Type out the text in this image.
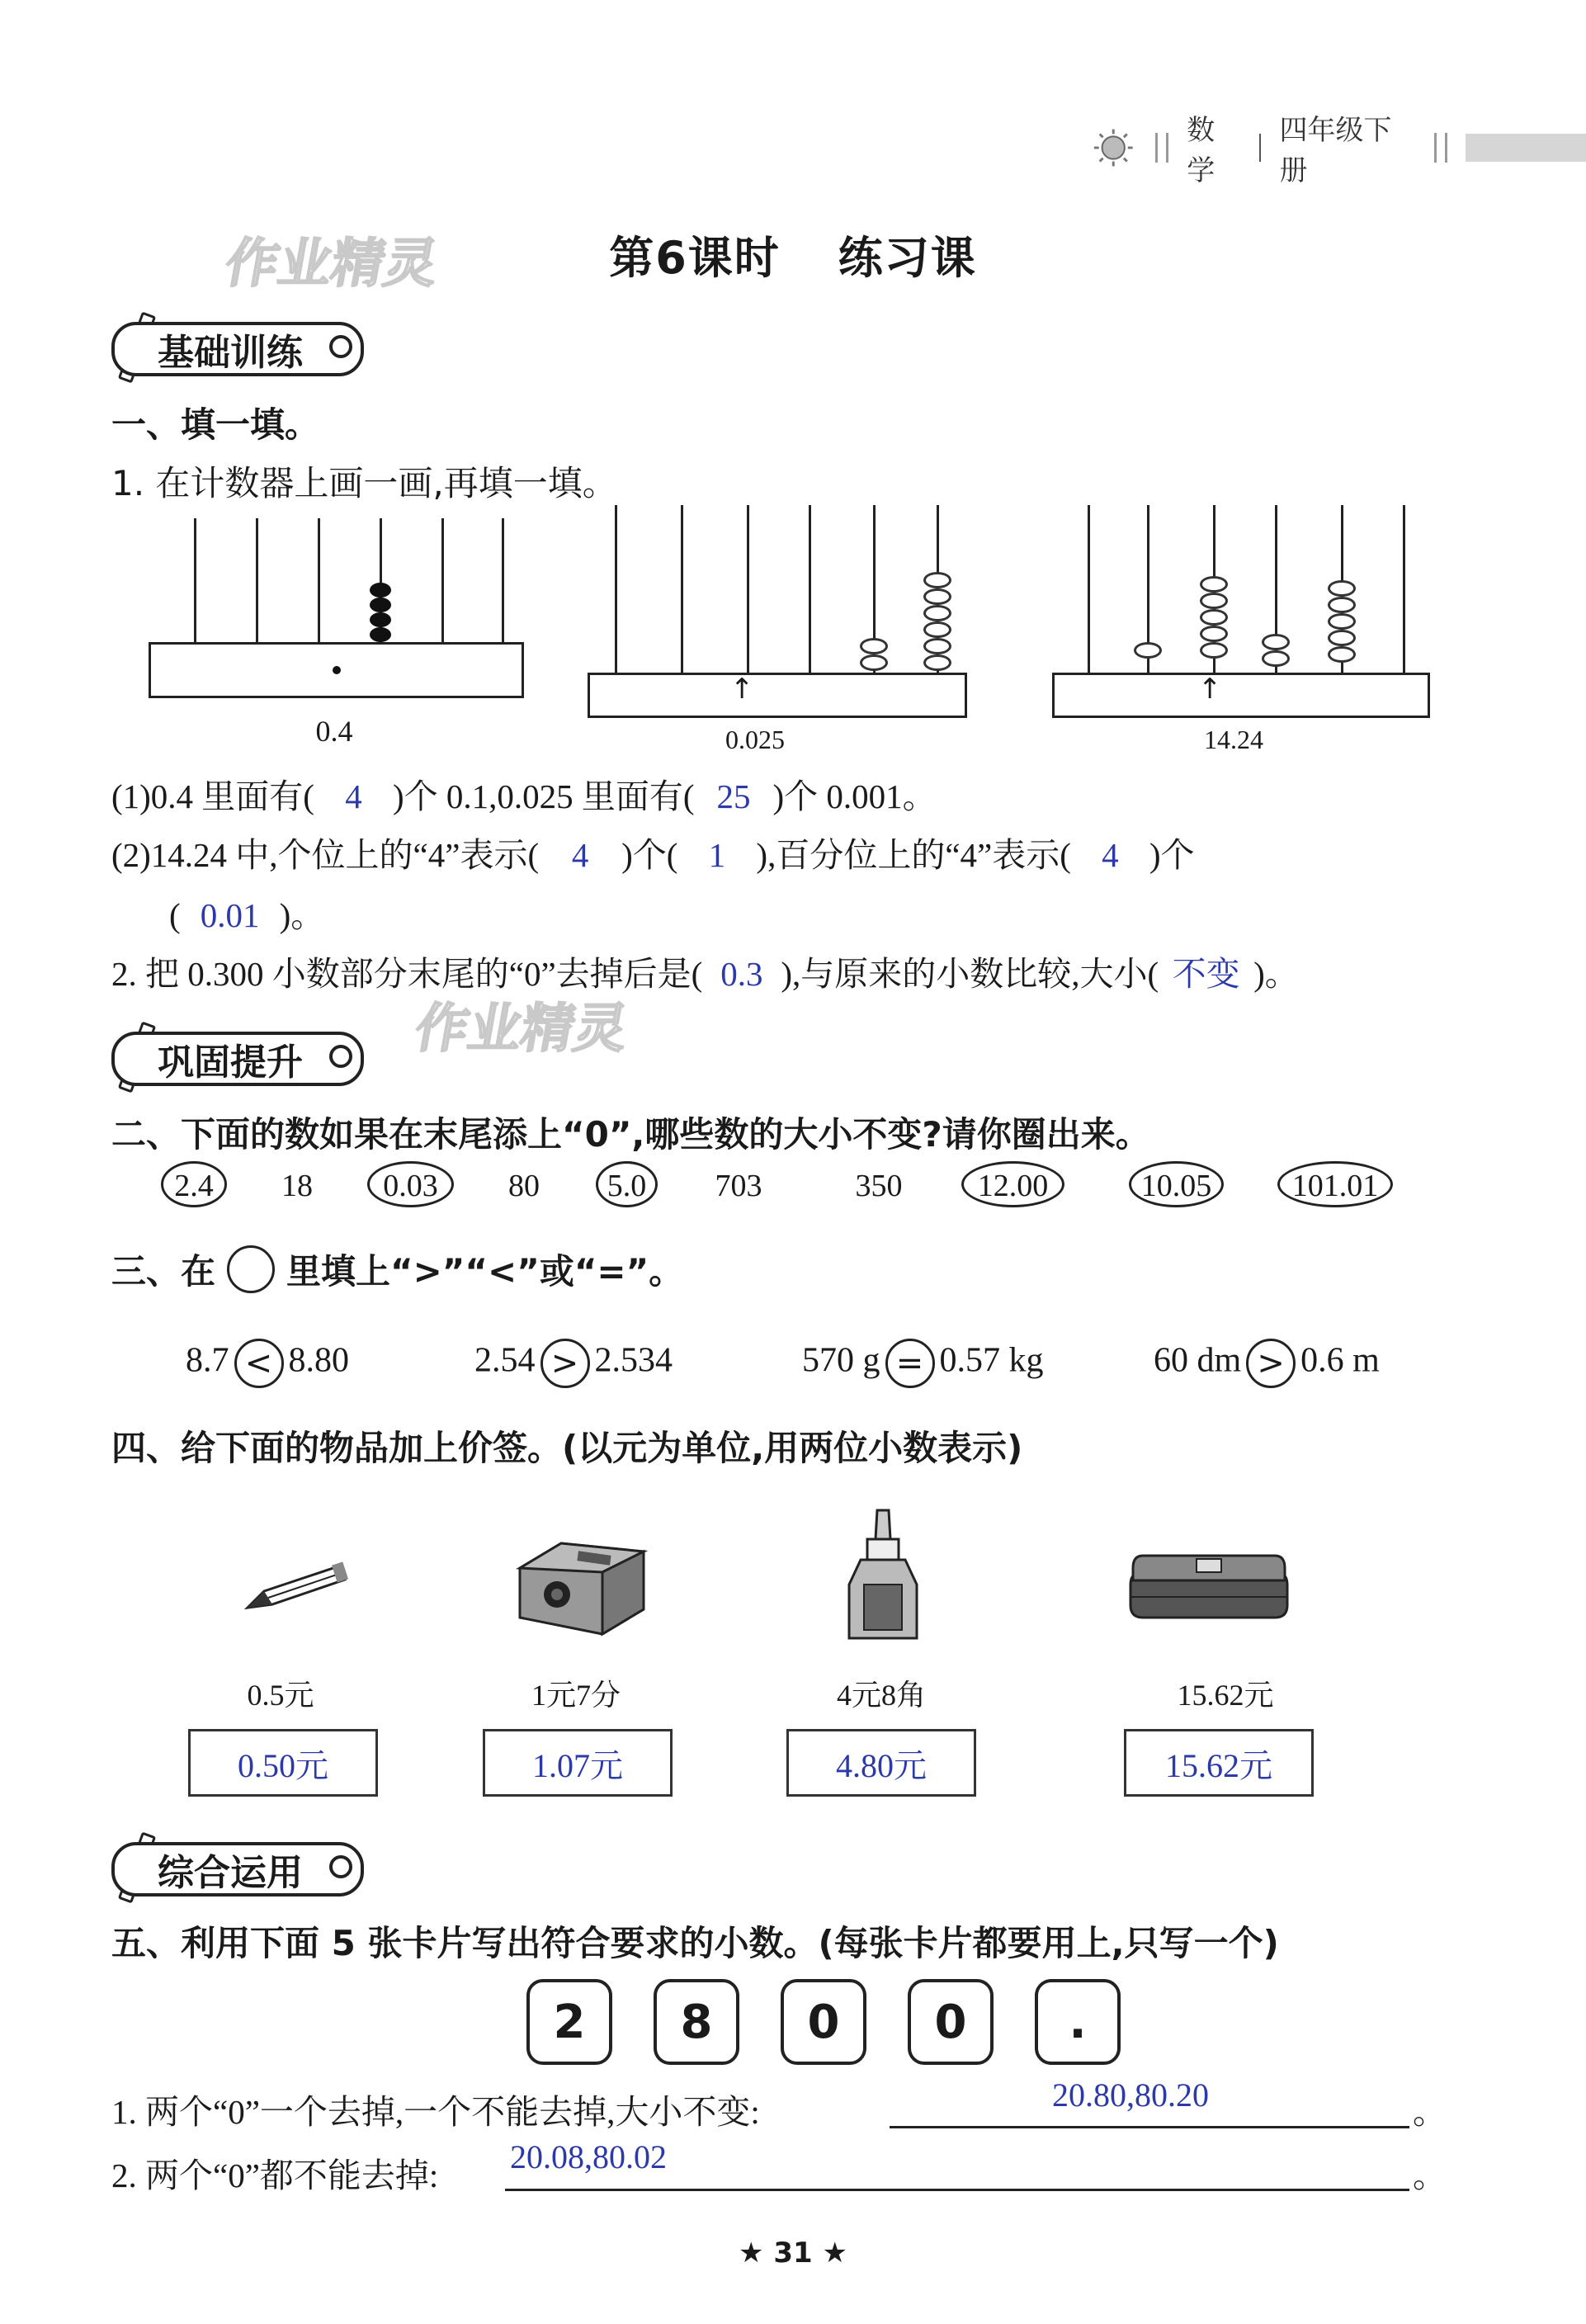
数学
四年级下册
作业精灵
作业精灵
第6课时 练习课
基础训练
一、填一填。
1. 在计数器上画一画,再填一填。
0.4
↑
0.025
↑
14.24
(1)0.4 里面有( 4 )个 0.1,0.025 里面有( 25 )个 0.001。
(2)14.24 中,个位上的“4”表示( 4 )个( 1 ),百分位上的“4”表示( 4 )个
( 0.01 )。
2. 把 0.300 小数部分末尾的“0”去掉后是( 0.3 ),与原来的小数比较,大小( 不变 )。
巩固提升
二、下面的数如果在末尾添上“0”,哪些数的大小不变?请你圈出来。
2.4	18	0.03	80	5.0	703	350	12.00	10.05	101.01
三、在 里填上“>”“<”或“=”。
8.7 < 8.80	2.54 > 2.534	570 g = 0.57 kg	60 dm > 0.6 m
四、给下面的物品加上价签。(以元为单位,用两位小数表示)
0.5元	1元7分	4元8角	15.62元
0.50元	1.07元	4.80元	15.62元
综合运用
五、利用下面 5 张卡片写出符合要求的小数。(每张卡片都要用上,只写一个)
2	8	0	0	.
1. 两个“0”一个去掉,一个不能去掉,大小不变:	20.80,80.20	。
2. 两个“0”都不能去掉: 20.08,80.02	。
★ 31 ★
